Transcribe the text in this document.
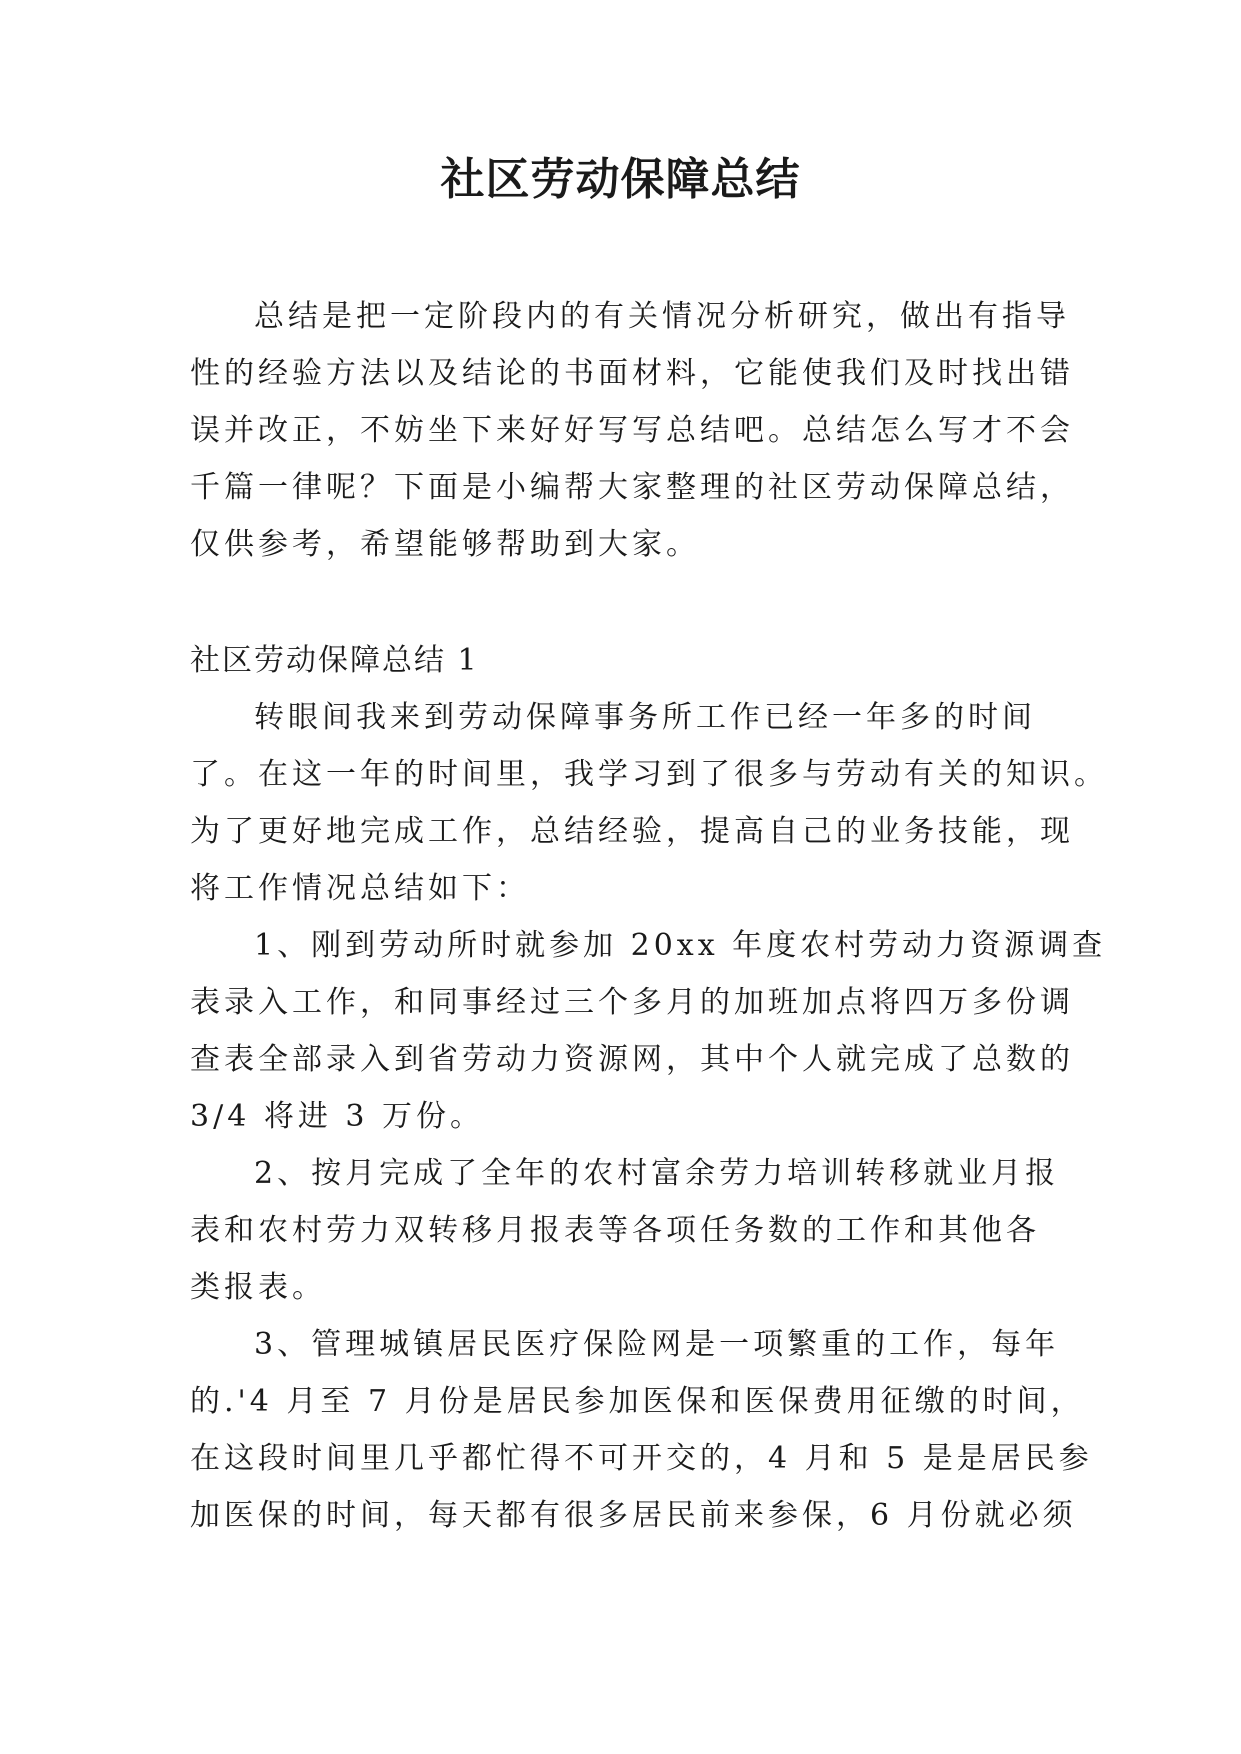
社区劳动保障总结
总结是把一定阶段内的有关情况分析研究，做出有指导
性的经验方法以及结论的书面材料，它能使我们及时找出错
误并改正，不妨坐下来好好写写总结吧。总结怎么写才不会
千篇一律呢？下面是小编帮大家整理的社区劳动保障总结，
仅供参考，希望能够帮助到大家。
社区劳动保障总结 1
转眼间我来到劳动保障事务所工作已经一年多的时间
了。在这一年的时间里，我学习到了很多与劳动有关的知识。
为了更好地完成工作，总结经验，提高自己的业务技能，现
将工作情况总结如下：
1、刚到劳动所时就参加 20xx 年度农村劳动力资源调查
表录入工作，和同事经过三个多月的加班加点将四万多份调
查表全部录入到省劳动力资源网，其中个人就完成了总数的
3/4 将进 3 万份。
2、按月完成了全年的农村富余劳力培训转移就业月报
表和农村劳力双转移月报表等各项任务数的工作和其他各
类报表。
3、管理城镇居民医疗保险网是一项繁重的工作，每年
的.'4 月至 7 月份是居民参加医保和医保费用征缴的时间，
在这段时间里几乎都忙得不可开交的，4 月和 5 是是居民参
加医保的时间，每天都有很多居民前来参保，6 月份就必须
